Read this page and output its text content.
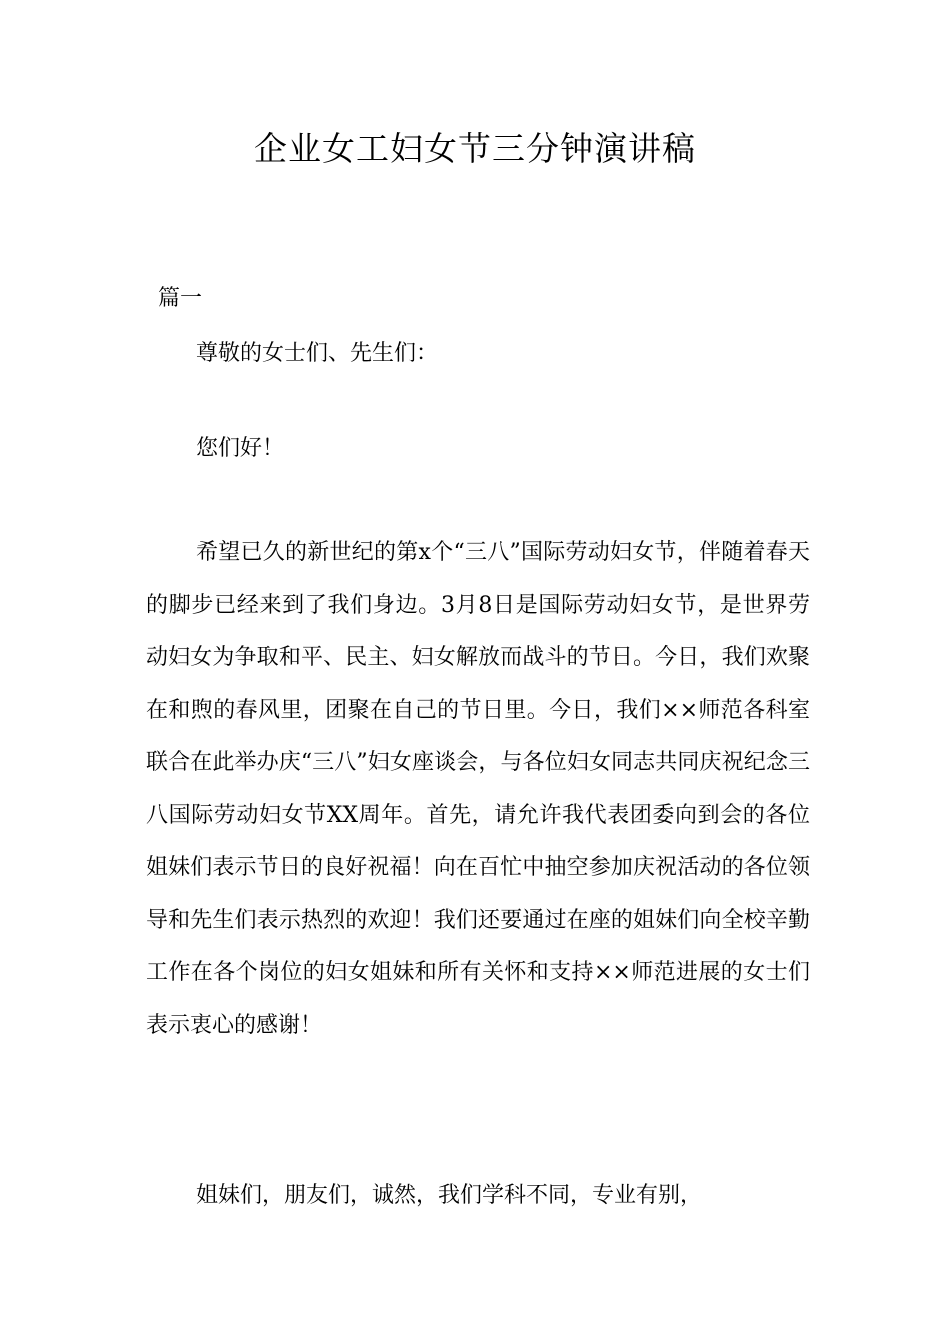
企业女工妇女节三分钟演讲稿

篇一

尊敬的女士们、先生们：

您们好！

希望已久的新世纪的第x个“三八”国际劳动妇女节，伴随着春天的脚步已经来到了我们身边。3月8日是国际劳动妇女节，是世界劳动妇女为争取和平、民主、妇女解放而战斗的节日。今日，我们欢聚在和煦的春风里，团聚在自己的节日里。今日，我们××师范各科室联合在此举办庆“三八”妇女座谈会，与各位妇女同志共同庆祝纪念三八国际劳动妇女节XX周年。首先，请允许我代表团委向到会的各位姐妹们表示节日的良好祝福！向在百忙中抽空参加庆祝活动的各位领导和先生们表示热烈的欢迎！我们还要通过在座的姐妹们向全校辛勤工作在各个岗位的妇女姐妹和所有关怀和支持××师范进展的女士们表示衷心的感谢！

姐妹们，朋友们，诚然，我们学科不同，专业有别，
